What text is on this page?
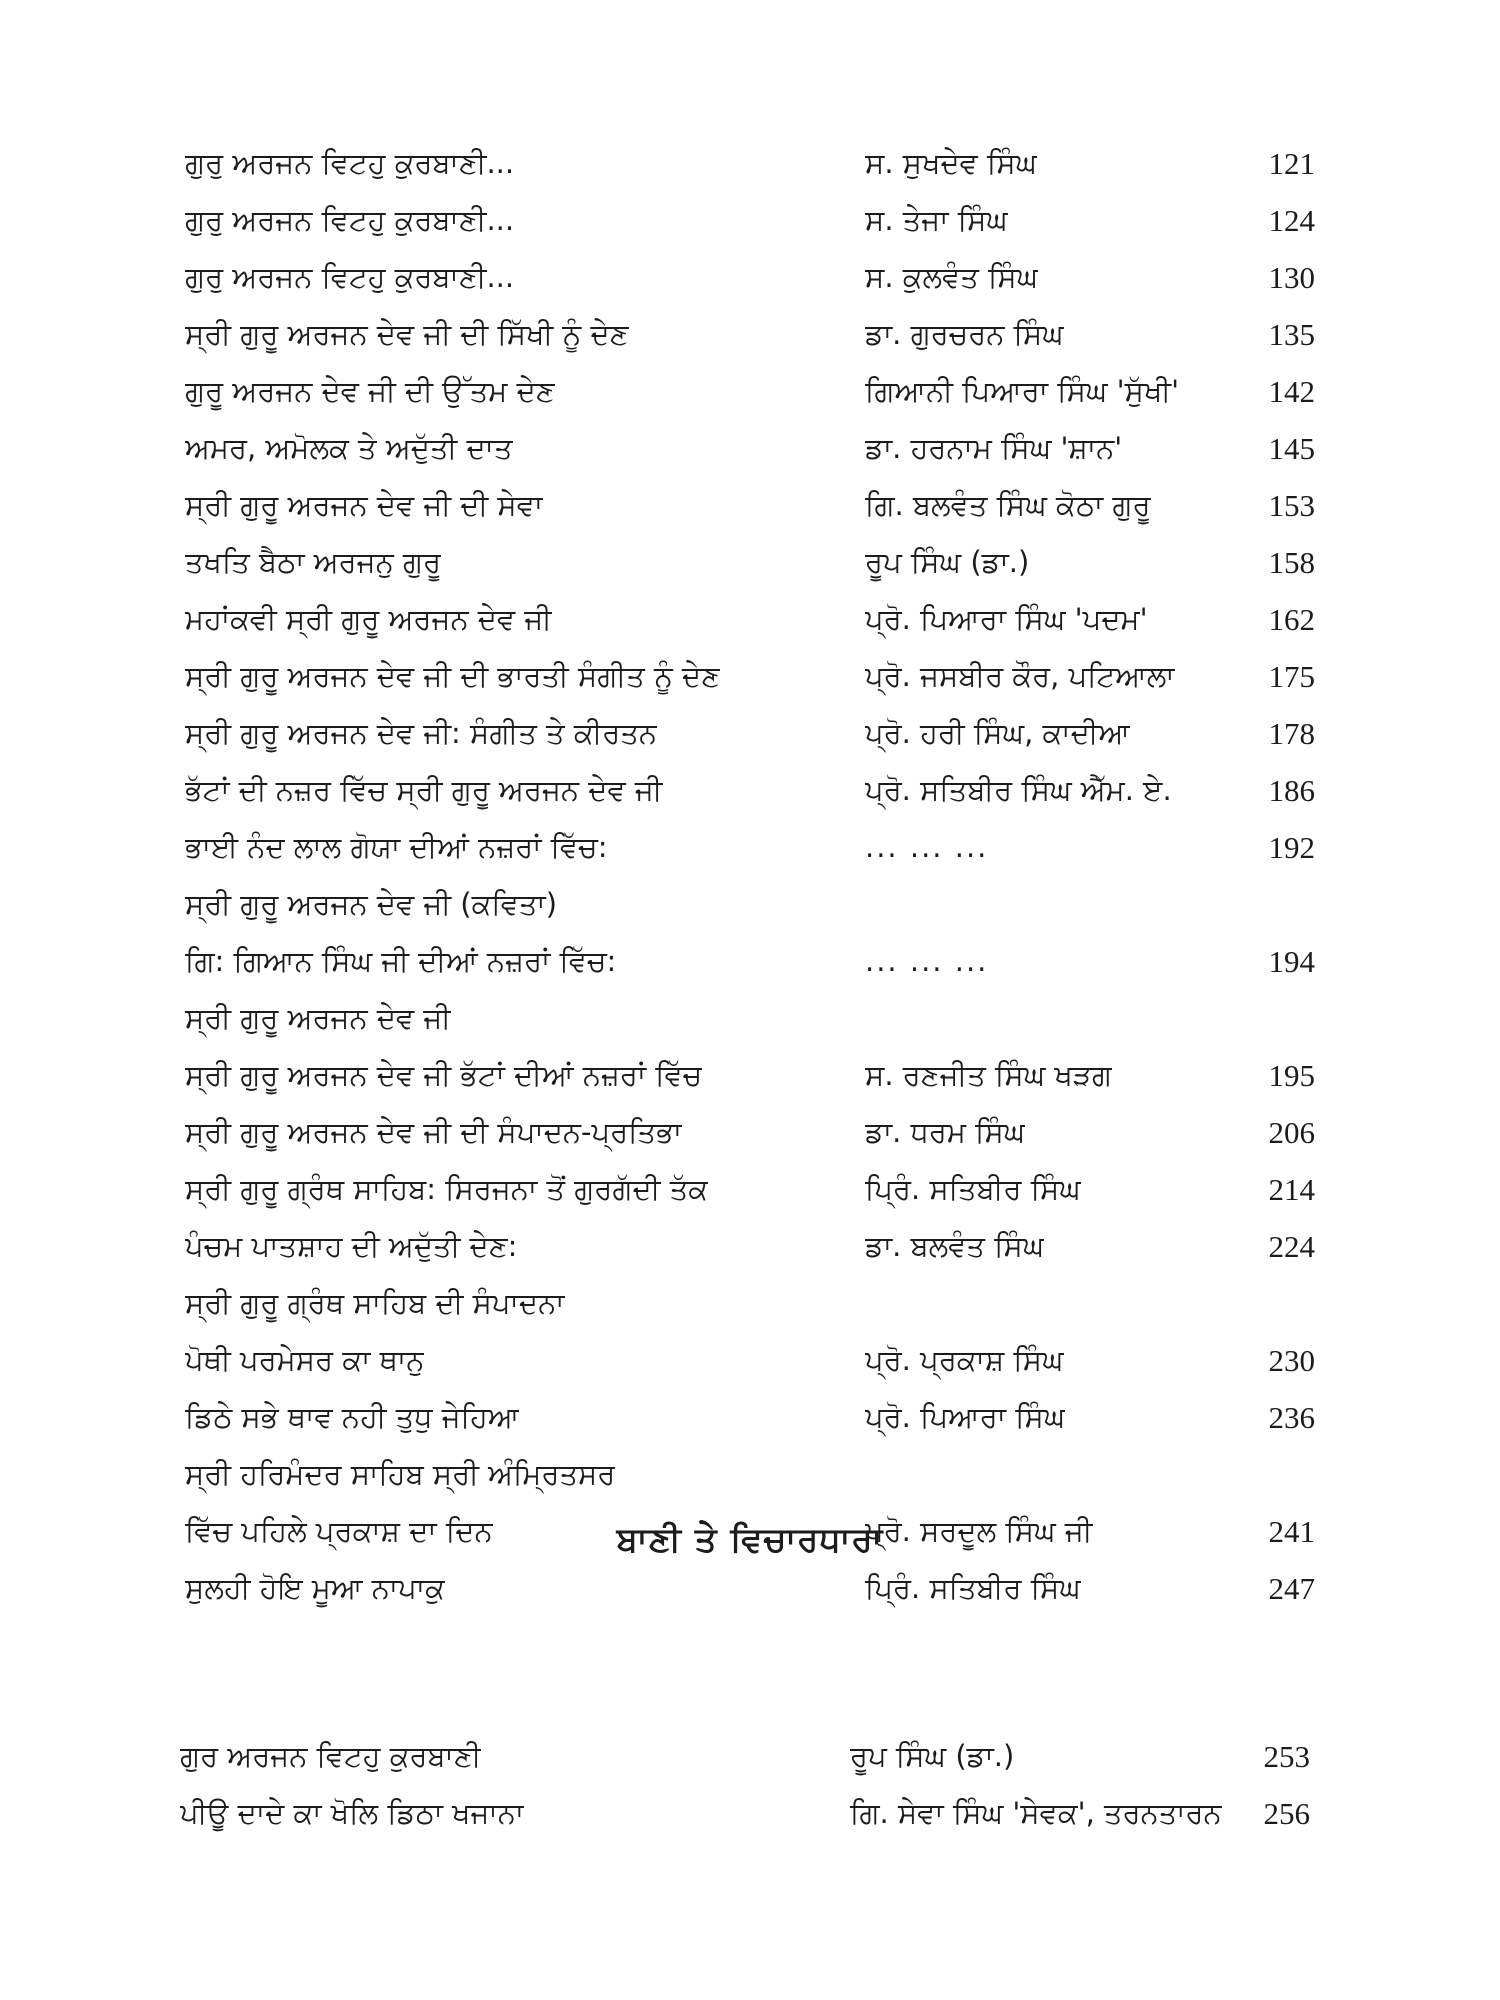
ਗੁਰੁ ਅਰਜਨ ਵਿਟਹੁ ਕੁਰਬਾਣੀ...	ਸ. ਸੁਖਦੇਵ ਸਿੰਘ	121
ਗੁਰੁ ਅਰਜਨ ਵਿਟਹੁ ਕੁਰਬਾਣੀ...	ਸ. ਤੇਜਾ ਸਿੰਘ	124
ਗੁਰੁ ਅਰਜਨ ਵਿਟਹੁ ਕੁਰਬਾਣੀ...	ਸ. ਕੁਲਵੰਤ ਸਿੰਘ	130
ਸ੍ਰੀ ਗੁਰੂ ਅਰਜਨ ਦੇਵ ਜੀ ਦੀ ਸਿੱਖੀ ਨੂੰ ਦੇਣ	ਡਾ. ਗੁਰਚਰਨ ਸਿੰਘ	135
ਗੁਰੂ ਅਰਜਨ ਦੇਵ ਜੀ ਦੀ ਉੱਤਮ ਦੇਣ	ਗਿਆਨੀ ਪਿਆਰਾ ਸਿੰਘ 'ਸੁੱਖੀ'	142
ਅਮਰ, ਅਮੋਲਕ ਤੇ ਅਦੁੱਤੀ ਦਾਤ	ਡਾ. ਹਰਨਾਮ ਸਿੰਘ 'ਸ਼ਾਨ'	145
ਸ੍ਰੀ ਗੁਰੂ ਅਰਜਨ ਦੇਵ ਜੀ ਦੀ ਸੇਵਾ	ਗਿ. ਬਲਵੰਤ ਸਿੰਘ ਕੋਠਾ ਗੁਰੂ	153
ਤਖਤਿ ਬੈਠਾ ਅਰਜਨੁ ਗੁਰੂ	ਰੂਪ ਸਿੰਘ (ਡਾ.)	158
ਮਹਾਂਕਵੀ ਸ੍ਰੀ ਗੁਰੂ ਅਰਜਨ ਦੇਵ ਜੀ	ਪ੍ਰੋ. ਪਿਆਰਾ ਸਿੰਘ 'ਪਦਮ'	162
ਸ੍ਰੀ ਗੁਰੂ ਅਰਜਨ ਦੇਵ ਜੀ ਦੀ ਭਾਰਤੀ ਸੰਗੀਤ ਨੂੰ ਦੇਣ	ਪ੍ਰੋ. ਜਸਬੀਰ ਕੌਰ, ਪਟਿਆਲਾ	175
ਸ੍ਰੀ ਗੁਰੂ ਅਰਜਨ ਦੇਵ ਜੀ: ਸੰਗੀਤ ਤੇ ਕੀਰਤਨ	ਪ੍ਰੋ. ਹਰੀ ਸਿੰਘ, ਕਾਦੀਆ	178
ਭੱਟਾਂ ਦੀ ਨਜ਼ਰ ਵਿੱਚ ਸ੍ਰੀ ਗੁਰੂ ਅਰਜਨ ਦੇਵ ਜੀ	ਪ੍ਰੋ. ਸਤਿਬੀਰ ਸਿੰਘ ਐੱਮ. ਏ.	186
ਭਾਈ ਨੰਦ ਲਾਲ ਗੋਯਾ ਦੀਆਂ ਨਜ਼ਰਾਂ ਵਿੱਚ:	... ... ...	192
ਸ੍ਰੀ ਗੁਰੂ ਅਰਜਨ ਦੇਵ ਜੀ (ਕਵਿਤਾ)
ਗਿ: ਗਿਆਨ ਸਿੰਘ ਜੀ ਦੀਆਂ ਨਜ਼ਰਾਂ ਵਿੱਚ:	... ... ...	194
ਸ੍ਰੀ ਗੁਰੂ ਅਰਜਨ ਦੇਵ ਜੀ
ਸ੍ਰੀ ਗੁਰੂ ਅਰਜਨ ਦੇਵ ਜੀ ਭੱਟਾਂ ਦੀਆਂ ਨਜ਼ਰਾਂ ਵਿੱਚ	ਸ. ਰਣਜੀਤ ਸਿੰਘ ਖੜਗ	195
ਸ੍ਰੀ ਗੁਰੂ ਅਰਜਨ ਦੇਵ ਜੀ ਦੀ ਸੰਪਾਦਨ-ਪ੍ਰਤਿਭਾ	ਡਾ. ਧਰਮ ਸਿੰਘ	206
ਸ੍ਰੀ ਗੁਰੂ ਗ੍ਰੰਥ ਸਾਹਿਬ: ਸਿਰਜਨਾ ਤੋਂ ਗੁਰਗੱਦੀ ਤੱਕ	ਪ੍ਰਿੰ. ਸਤਿਬੀਰ ਸਿੰਘ	214
ਪੰਚਮ ਪਾਤਸ਼ਾਹ ਦੀ ਅਦੁੱਤੀ ਦੇਣ:	ਡਾ. ਬਲਵੰਤ ਸਿੰਘ	224
ਸ੍ਰੀ ਗੁਰੂ ਗ੍ਰੰਥ ਸਾਹਿਬ ਦੀ ਸੰਪਾਦਨਾ
ਪੋਥੀ ਪਰਮੇਸਰ ਕਾ ਥਾਨੁ	ਪ੍ਰੋ. ਪ੍ਰਕਾਸ਼ ਸਿੰਘ	230
ਡਿਠੇ ਸਭੇ ਥਾਵ ਨਹੀ ਤੁਧੁ ਜੇਹਿਆ	ਪ੍ਰੋ. ਪਿਆਰਾ ਸਿੰਘ	236
ਸ੍ਰੀ ਹਰਿਮੰਦਰ ਸਾਹਿਬ ਸ੍ਰੀ ਅੰਮ੍ਰਿਤਸਰ
ਵਿੱਚ ਪਹਿਲੇ ਪ੍ਰਕਾਸ਼ ਦਾ ਦਿਨ	ਪ੍ਰੋ. ਸਰਦੂਲ ਸਿੰਘ ਜੀ	241
ਸੁਲਹੀ ਹੋਇ ਮੂਆ ਨਾਪਾਕੁ	ਪ੍ਰਿੰ. ਸਤਿਬੀਰ ਸਿੰਘ	247
ਬਾਣੀ ਤੇ ਵਿਚਾਰਧਾਰਾ
ਗੁਰ ਅਰਜਨ ਵਿਟਹੁ ਕੁਰਬਾਣੀ	ਰੂਪ ਸਿੰਘ (ਡਾ.)	253
ਪੀਊ ਦਾਦੇ ਕਾ ਖੋਲਿ ਡਿਠਾ ਖਜਾਨਾ	ਗਿ. ਸੇਵਾ ਸਿੰਘ 'ਸੇਵਕ', ਤਰਨਤਾਰਨ	256
